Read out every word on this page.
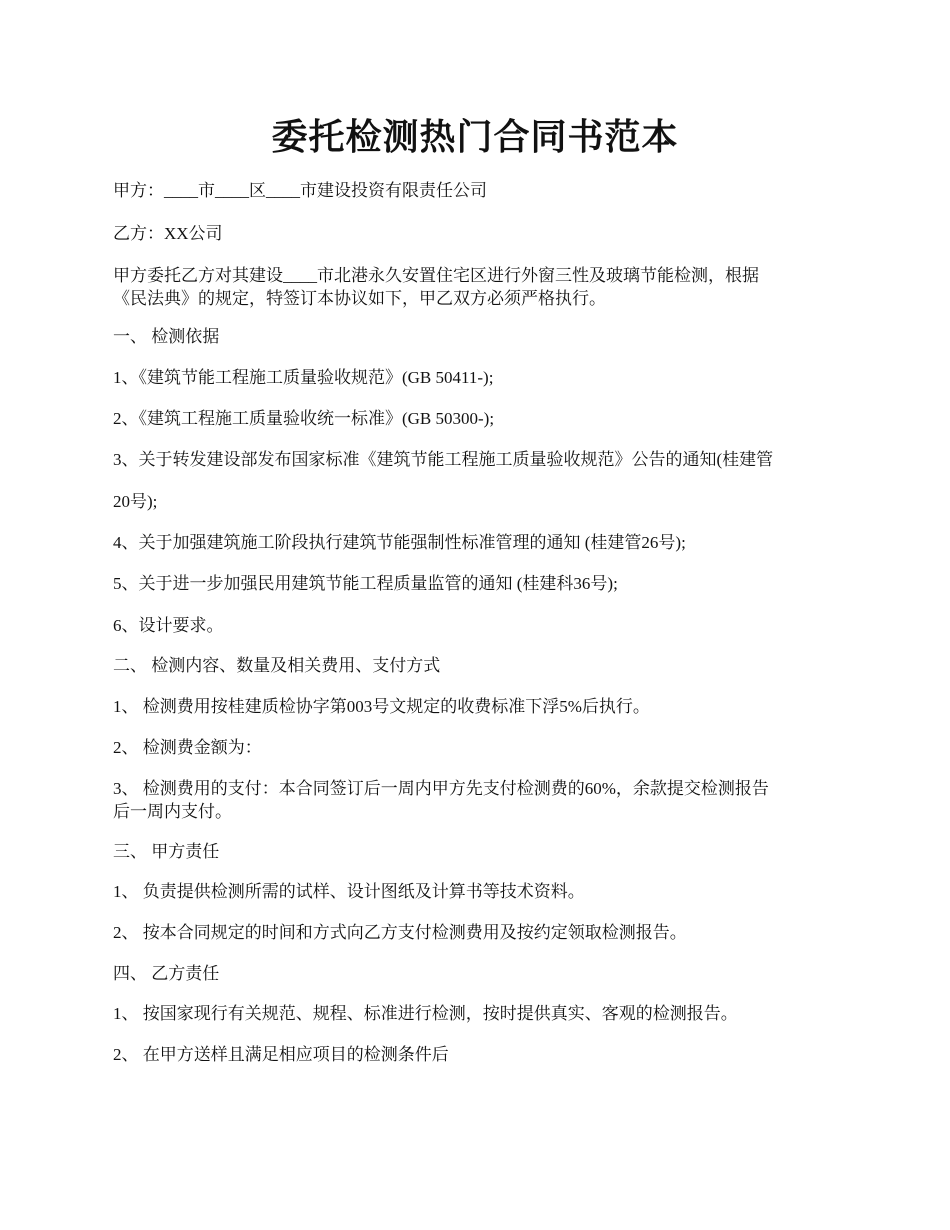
委托检测热门合同书范本
甲方：____市____区____市建设投资有限责任公司
乙方：XX公司
甲方委托乙方对其建设____市北港永久安置住宅区进行外窗三性及玻璃节能检测，根据
《民法典》的规定，特签订本协议如下，甲乙双方必须严格执行。
一、 检测依据
1、《建筑节能工程施工质量验收规范》(GB 50411-);
2、《建筑工程施工质量验收统一标准》(GB 50300-);
3、关于转发建设部发布国家标准《建筑节能工程施工质量验收规范》公告的通知(桂建管
20号);
4、关于加强建筑施工阶段执行建筑节能强制性标准管理的通知 (桂建管26号);
5、关于进一步加强民用建筑节能工程质量监管的通知 (桂建科36号);
6、设计要求。
二、 检测内容、数量及相关费用、支付方式
1、 检测费用按桂建质检协字第003号文规定的收费标准下浮5%后执行。
2、 检测费金额为：
3、 检测费用的支付：本合同签订后一周内甲方先支付检测费的60%，余款提交检测报告
后一周内支付。
三、 甲方责任
1、 负责提供检测所需的试样、设计图纸及计算书等技术资料。
2、 按本合同规定的时间和方式向乙方支付检测费用及按约定领取检测报告。
四、 乙方责任
1、 按国家现行有关规范、规程、标准进行检测，按时提供真实、客观的检测报告。
2、 在甲方送样且满足相应项目的检测条件后
